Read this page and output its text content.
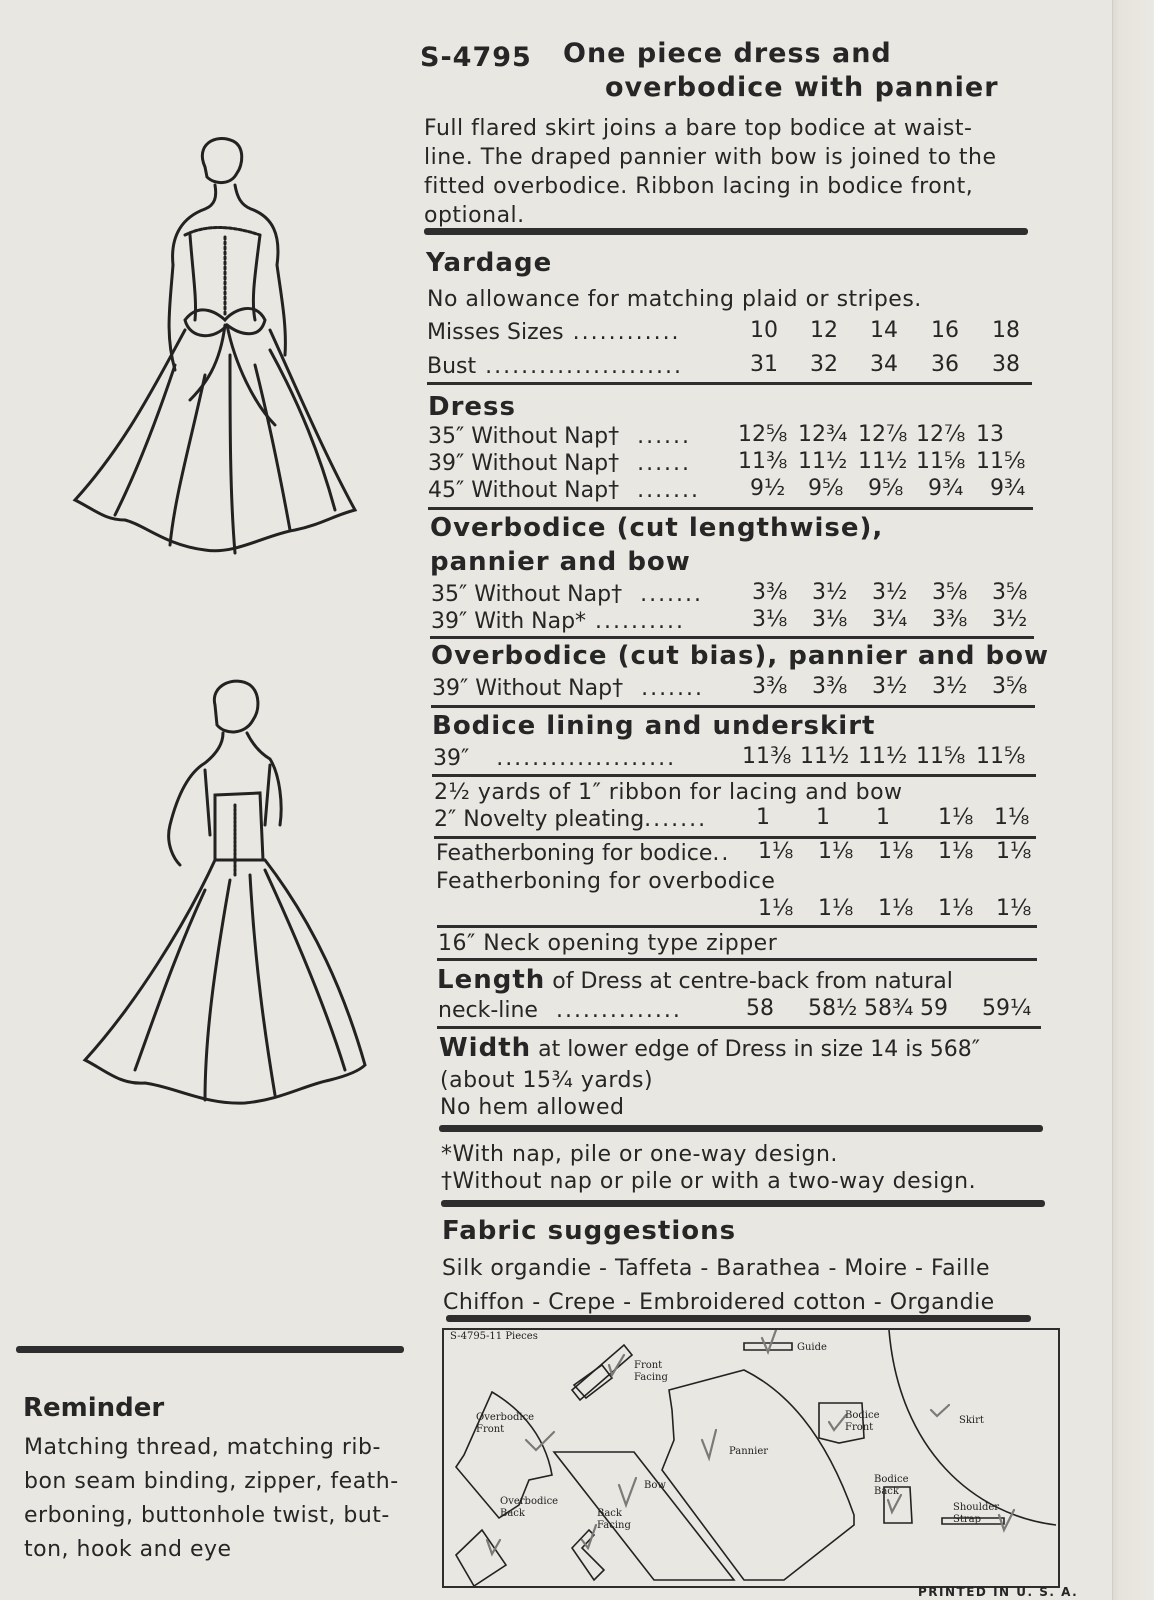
S-4795 One piece dress and
overbodice with pannier
Full flared skirt joins a bare top bodice at waist-
line. The draped pannier with bow is joined to the
fitted overbodice. Ribbon lacing in bodice front,
optional.
Yardage
No allowance for matching plaid or stripes.
Misses Sizes ............	10	12	14	16	18
Bust ......................	31	32	34	36	38
Dress
35″ Without Nap† ...... 12⅝ 12¾ 12⅞ 12⅞ 13
39″ Without Nap† ...... 11⅜ 11½ 11½ 11⅝ 11⅝
45″ Without Nap† ....... 9½	9⅝	9⅝	9¾	9¾
Overbodice (cut lengthwise),
pannier and bow
35″ Without Nap† ....... 3⅜	3½	3½	3⅝	3⅝
39″ With Nap* ..........	3⅛	3⅛	3¼	3⅜	3½
Overbodice (cut bias), pannier and bow
39″ Without Nap† ....... 3⅜	3⅜	3½	3½	3⅝
Bodice lining and underskirt
39″ ....................	11⅜ 11½ 11½ 11⅝ 11⅝
2½ yards of 1″ ribbon for lacing and bow
2″ Novelty pleating ....... 1	1	1	1⅛ 1⅛
Featherboning for bodice .. 1⅛	1⅛	1⅛	1⅛	1⅛
Featherboning for overbodice
1⅛	1⅛	1⅛	1⅛	1⅛
16″ Neck opening type zipper
Length of Dress at centre-back from natural
neck-line ..............	58	58½ 58¾ 59	59¼
Width at lower edge of Dress in size 14 is 568″
(about 15¾ yards)
No hem allowed
*With nap, pile or one-way design.
†Without nap or pile or with a two-way design.
Fabric suggestions
Silk organdie - Taffeta - Barathea - Moire - Faille
Chiffon - Crepe - Embroidered cotton - Organdie
S-4795-11 Pieces
Front
Facing
Guide
Overbodice
Front
Pannier
Bodice
Front
Skirt
Bow
Overbodice
Back	Back
Facing
Bodice
Back
Shoulder
Strap
PRINTED IN U. S. A.
Reminder
Matching thread, matching rib-
bon seam binding, zipper, feath-
erboning, buttonhole twist, but-
ton, hook and eye
